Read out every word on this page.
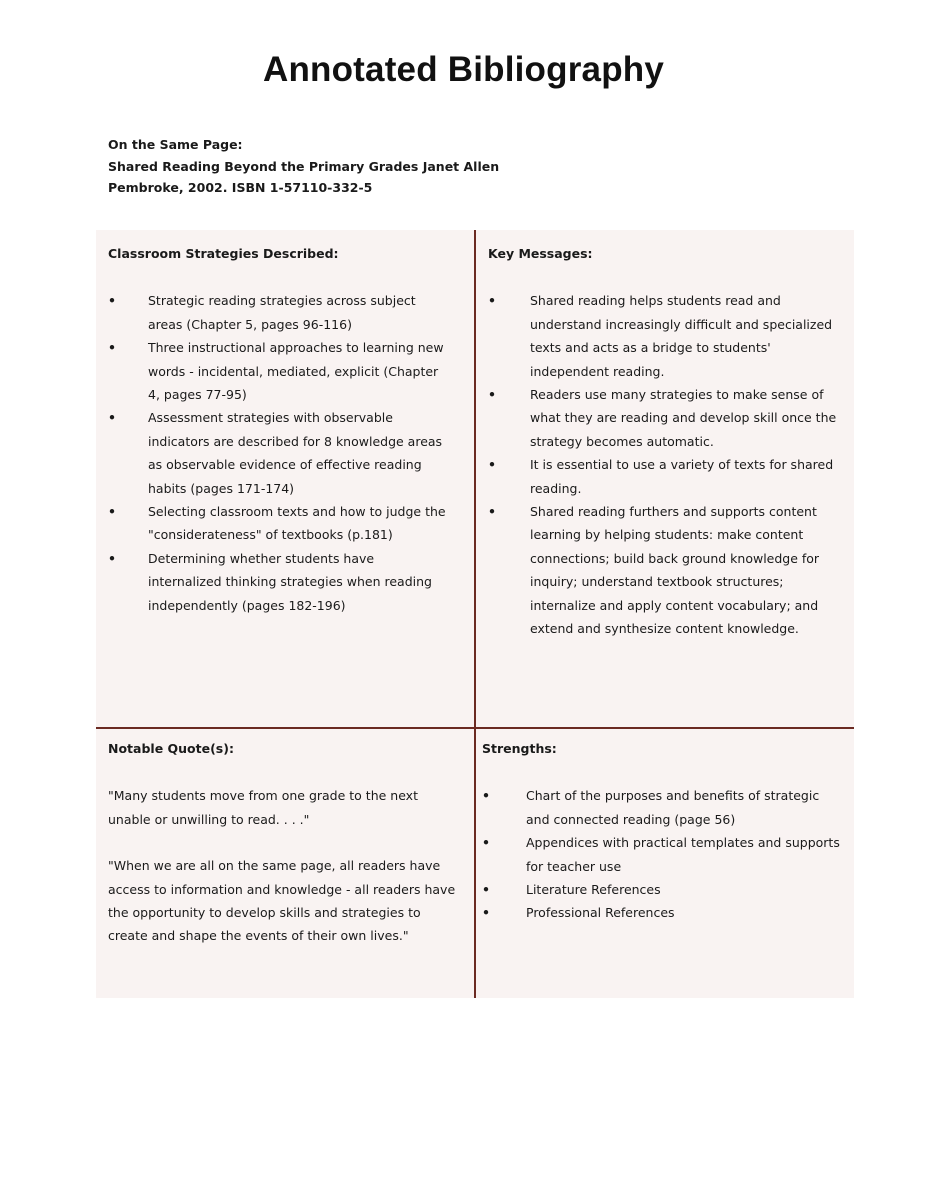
Annotated Bibliography
On the Same Page:
Shared Reading Beyond the Primary Grades Janet Allen
Pembroke, 2002. ISBN 1-57110-332-5

Classroom Strategies Described:

•	Strategic reading strategies across subject areas (Chapter 5, pages 96-116)
•	Three instructional approaches to learning new words - incidental, mediated, explicit (Chapter 4, pages 77-95)
•	Assessment strategies with observable indicators are described for 8 knowledge areas as observable evidence of effective reading habits (pages 171-174)
•	Selecting classroom texts and how to judge the "considerateness" of textbooks (p.181)
•	Determining whether students have internalized thinking strategies when reading independently (pages 182-196)

Key Messages:

•	Shared reading helps students read and understand increasingly difficult and specialized texts and acts as a bridge to students' independent reading.
•	Readers use many strategies to make sense of what they are reading and develop skill once the strategy becomes automatic.
•	It is essential to use a variety of texts for shared reading.
•	Shared reading furthers and supports content learning by helping students: make content connections; build back ground knowledge for inquiry; understand textbook structures; internalize and apply content vocabulary; and extend and synthesize content knowledge.

Notable Quote(s):

"Many students move from one grade to the next unable or unwilling to read. . . ."

"When we are all on the same page, all readers have access to information and knowledge - all readers have the opportunity to develop skills and strategies to create and shape the events of their own lives."

Strengths:

•	Chart of the purposes and benefits of strategic and connected reading (page 56)
•	Appendices with practical templates and supports for teacher use
•	Literature References
•	Professional References
